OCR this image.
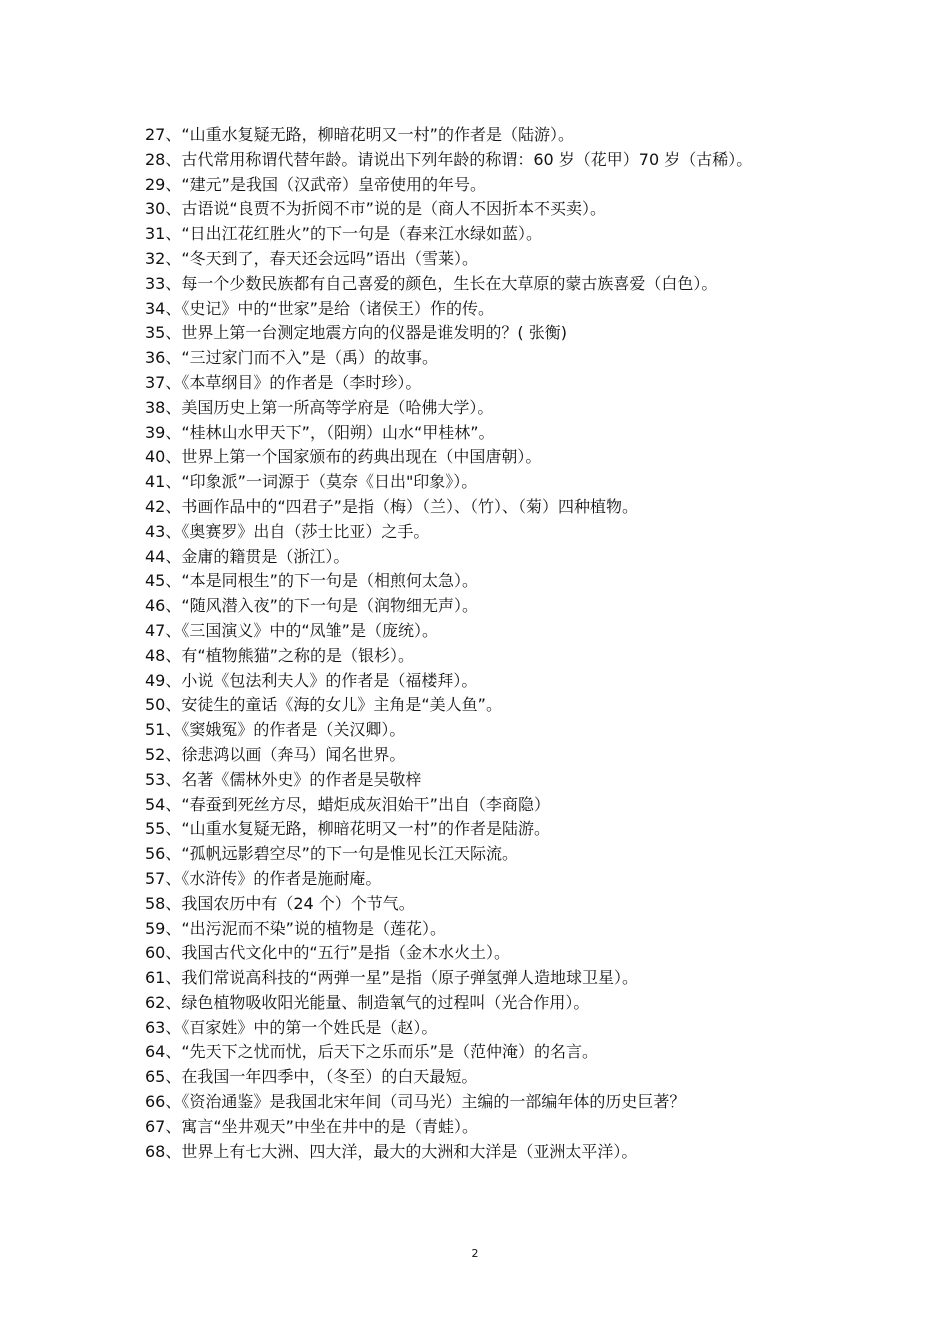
27、“山重水复疑无路，柳暗花明又一村”的作者是（陆游）。

28、古代常用称谓代替年龄。请说出下列年龄的称谓：60 岁（花甲）70 岁（古稀）。

29、“建元”是我国（汉武帝）皇帝使用的年号。

30、古语说“良贾不为折阅不市”说的是（商人不因折本不买卖）。

31、“日出江花红胜火”的下一句是（春来江水绿如蓝）。

32、“冬天到了，春天还会远吗”语出（雪莱）。

33、每一个少数民族都有自己喜爱的颜色，生长在大草原的蒙古族喜爱（白色）。

34、《史记》中的“世家”是给（诸侯王）作的传。

35、世界上第一台测定地震方向的仪器是谁发明的？( 张衡)

36、“三过家门而不入”是（禹）的故事。

37、《本草纲目》的作者是（李时珍）。

38、美国历史上第一所高等学府是（哈佛大学）。

39、“桂林山水甲天下”，（阳朔）山水“甲桂林”。

40、世界上第一个国家颁布的药典出现在（中国唐朝）。

41、“印象派”一词源于（莫奈《日出"印象》）。

42、书画作品中的“四君子”是指（梅）（兰）、（竹）、（菊）四种植物。

43、《奥赛罗》出自（莎士比亚）之手。

44、金庸的籍贯是（浙江）。

45、“本是同根生”的下一句是（相煎何太急）。

46、“随风潜入夜”的下一句是（润物细无声）。

47、《三国演义》中的“凤雏”是（庞统）。

48、有“植物熊猫”之称的是（银杉）。

49、小说《包法利夫人》的作者是（福楼拜）。

50、安徒生的童话《海的女儿》主角是“美人鱼”。

51、《窦娥冤》的作者是（关汉卿）。

52、徐悲鸿以画（奔马）闻名世界。

53、名著《儒林外史》的作者是吴敬梓

54、“春蚕到死丝方尽，蜡炬成灰泪始干”出自（李商隐）

55、“山重水复疑无路，柳暗花明又一村”的作者是陆游。

56、“孤帆远影碧空尽”的下一句是惟见长江天际流。

57、《水浒传》的作者是施耐庵。

58、我国农历中有（24 个）个节气。

59、“出污泥而不染”说的植物是（莲花）。

60、我国古代文化中的“五行”是指（金木水火土）。

61、我们常说高科技的“两弹一星”是指（原子弹氢弹人造地球卫星）。

62、绿色植物吸收阳光能量、制造氧气的过程叫（光合作用）。

63、《百家姓》中的第一个姓氏是（赵）。

64、“先天下之忧而忧，后天下之乐而乐”是（范仲淹）的名言。

65、在我国一年四季中，（冬至）的白天最短。

66、《资治通鉴》是我国北宋年间（司马光）主编的一部编年体的历史巨著？

67、寓言“坐井观天”中坐在井中的是（青蛙）。

68、世界上有七大洲、四大洋，最大的大洲和大洋是（亚洲太平洋）。

2
